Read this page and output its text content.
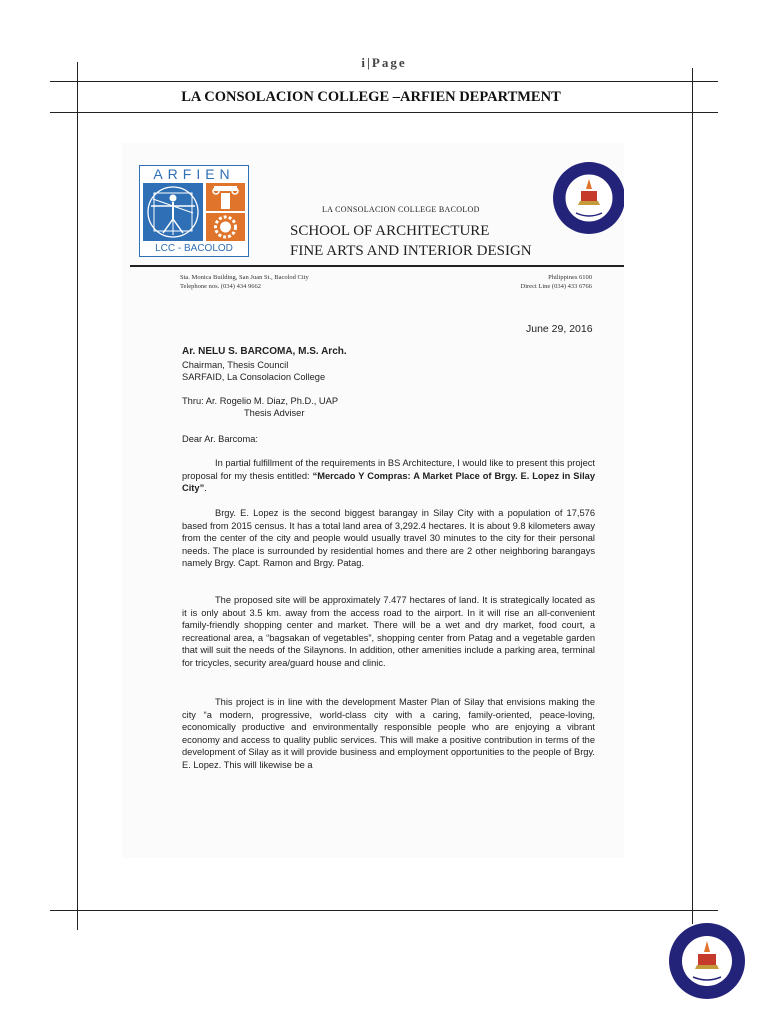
i|Page
LA CONSOLACION COLLEGE –ARFIEN DEPARTMENT
ARFIEN
LCC - BACOLOD
LA CONSOLACION COLLEGE BACOLOD
SCHOOL OF ARCHITECTURE
FINE ARTS AND INTERIOR DESIGN
Sta. Monica Building, San Juan St., Bacolod City
Telephone nos. (034) 434 9662
Philippines 6100
Direct Line (034) 433 6766
June 29, 2016
Ar. NELU S. BARCOMA, M.S. Arch.
Chairman, Thesis Council
SARFAID, La Consolacion College
Thru: Ar. Rogelio M. Diaz, Ph.D., UAP
Thesis Adviser
Dear Ar. Barcoma:
In partial fulfillment of the requirements in BS Architecture, I would like to present this project proposal for my thesis entitled: “Mercado Y Compras: A Market Place of Brgy. E. Lopez in Silay City”.
Brgy. E. Lopez is the second biggest barangay in Silay City with a population of 17,576 based from 2015 census. It has a total land area of 3,292.4 hectares. It is about 9.8 kilometers away from the center of the city and people would usually travel 30 minutes to the city for their personal needs. The place is surrounded by residential homes and there are 2 other neighboring barangays namely Brgy. Capt. Ramon and Brgy. Patag.
The proposed site will be approximately 7.477 hectares of land. It is strategically located as it is only about 3.5 km. away from the access road to the airport. In it will rise an all-convenient family-friendly shopping center and market. There will be a wet and dry market, food court, a recreational area, a “bagsakan of vegetables”, shopping center from Patag and a vegetable garden that will suit the needs of the Silaynons. In addition, other amenities include a parking area, terminal for tricycles, security area/guard house and clinic.
This project is in line with the development Master Plan of Silay that envisions making the city “a modern, progressive, world-class city with a caring, family-oriented, peace-loving, economically productive and environmentally responsible people who are enjoying a vibrant economy and access to quality public services. This will make a positive contribution in terms of the development of Silay as it will provide business and employment opportunities to the people of Brgy. E. Lopez. This will likewise be a
